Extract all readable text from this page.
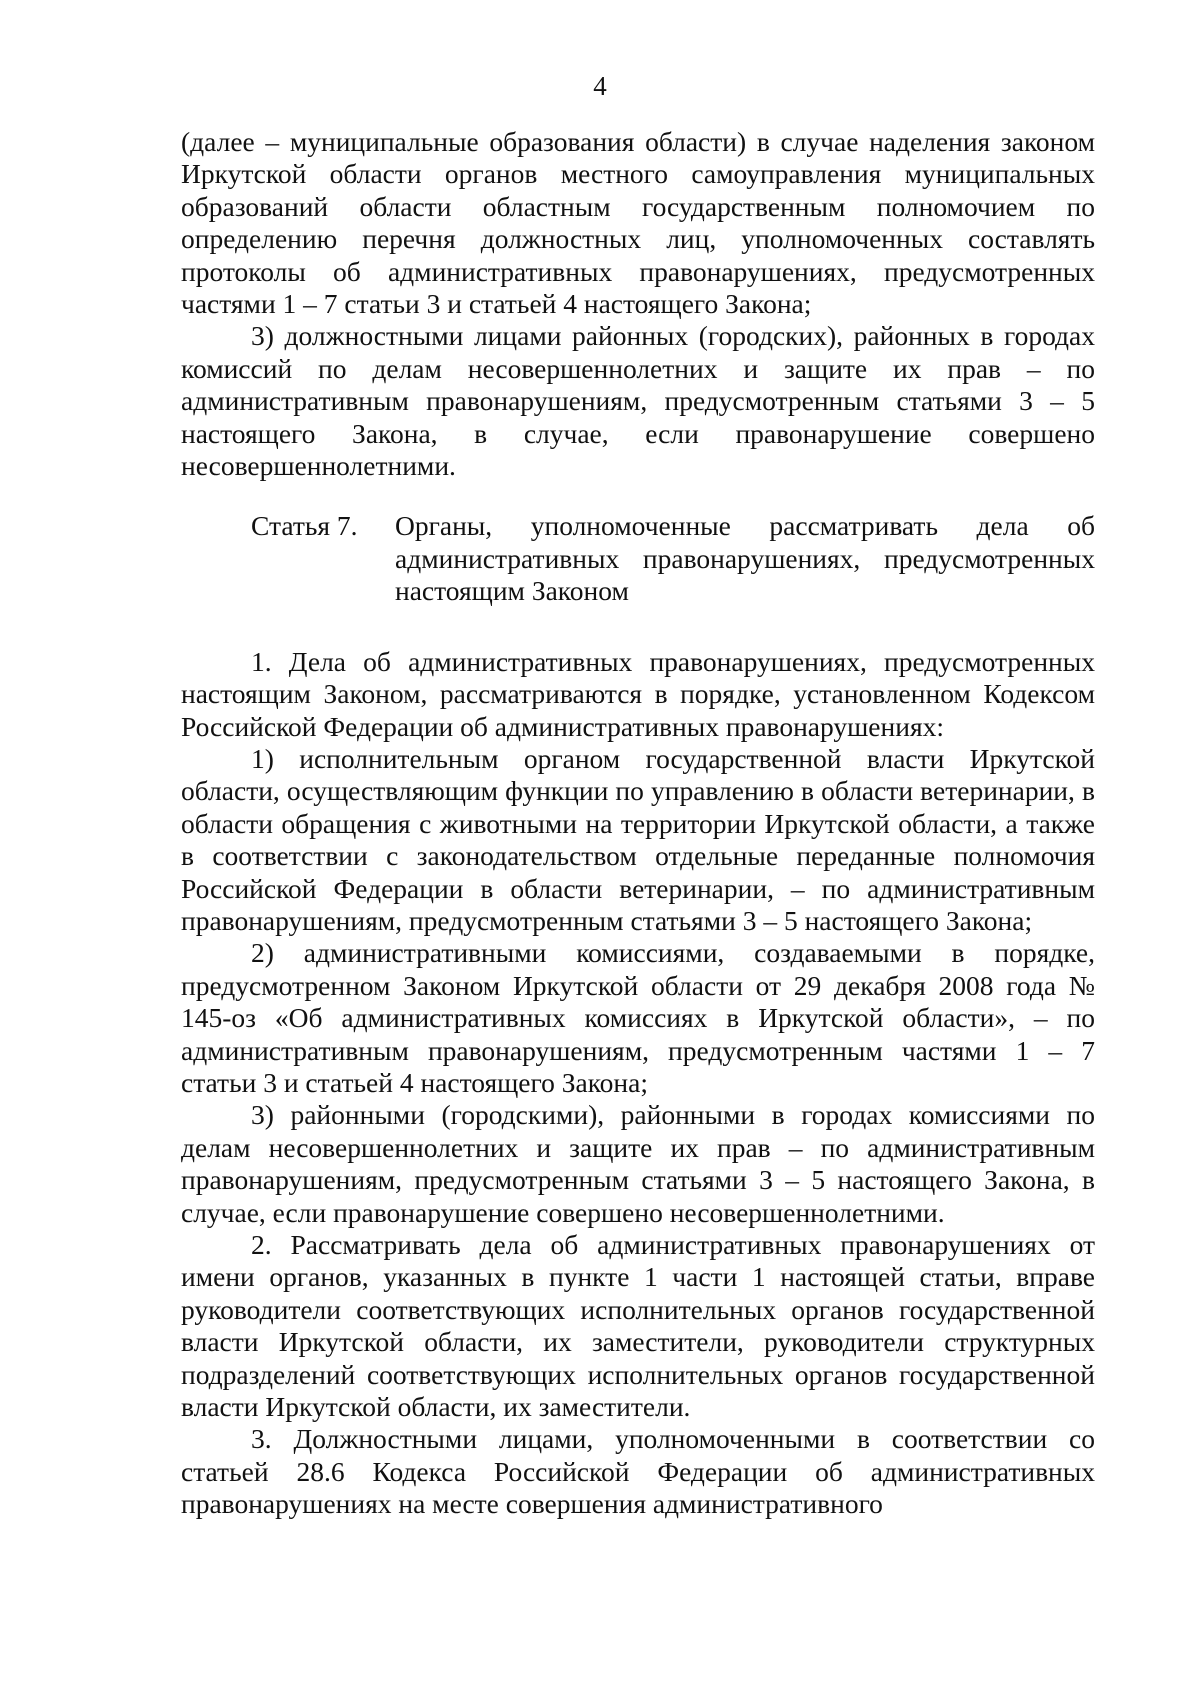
4

(далее – муниципальные образования области) в случае наделения законом Иркутской области органов местного самоуправления муниципальных образований области областным государственным полномочием по определению перечня должностных лиц, уполномоченных составлять протоколы об административных правонарушениях, предусмотренных частями 1 – 7 статьи 3 и статьей 4 настоящего Закона;

3) должностными лицами районных (городских), районных в городах комиссий по делам несовершеннолетних и защите их прав – по административным правонарушениям, предусмотренным статьями 3 – 5 настоящего Закона, в случае, если правонарушение совершено несовершеннолетними.

Статья 7.	Органы, уполномоченные рассматривать дела об административных правонарушениях, предусмотренных настоящим Законом

1. Дела об административных правонарушениях, предусмотренных настоящим Законом, рассматриваются в порядке, установленном Кодексом Российской Федерации об административных правонарушениях:

1) исполнительным органом государственной власти Иркутской области, осуществляющим функции по управлению в области ветеринарии, в области обращения с животными на территории Иркутской области, а также в соответствии с законодательством отдельные переданные полномочия Российской Федерации в области ветеринарии, – по административным правонарушениям, предусмотренным статьями 3 – 5 настоящего Закона;

2) административными комиссиями, создаваемыми в порядке, предусмотренном Законом Иркутской области от 29 декабря 2008 года № 145-оз «Об административных комиссиях в Иркутской области», – по административным правонарушениям, предусмотренным частями 1 – 7 статьи 3 и статьей 4 настоящего Закона;

3) районными (городскими), районными в городах комиссиями по делам несовершеннолетних и защите их прав – по административным правонарушениям, предусмотренным статьями 3 – 5 настоящего Закона, в случае, если правонарушение совершено несовершеннолетними.

2. Рассматривать дела об административных правонарушениях от имени органов, указанных в пункте 1 части 1 настоящей статьи, вправе руководители соответствующих исполнительных органов государственной власти Иркутской области, их заместители, руководители структурных подразделений соответствующих исполнительных органов государственной власти Иркутской области, их заместители.

3. Должностными лицами, уполномоченными в соответствии со статьей 28.6 Кодекса Российской Федерации об административных правонарушениях на месте совершения административного
